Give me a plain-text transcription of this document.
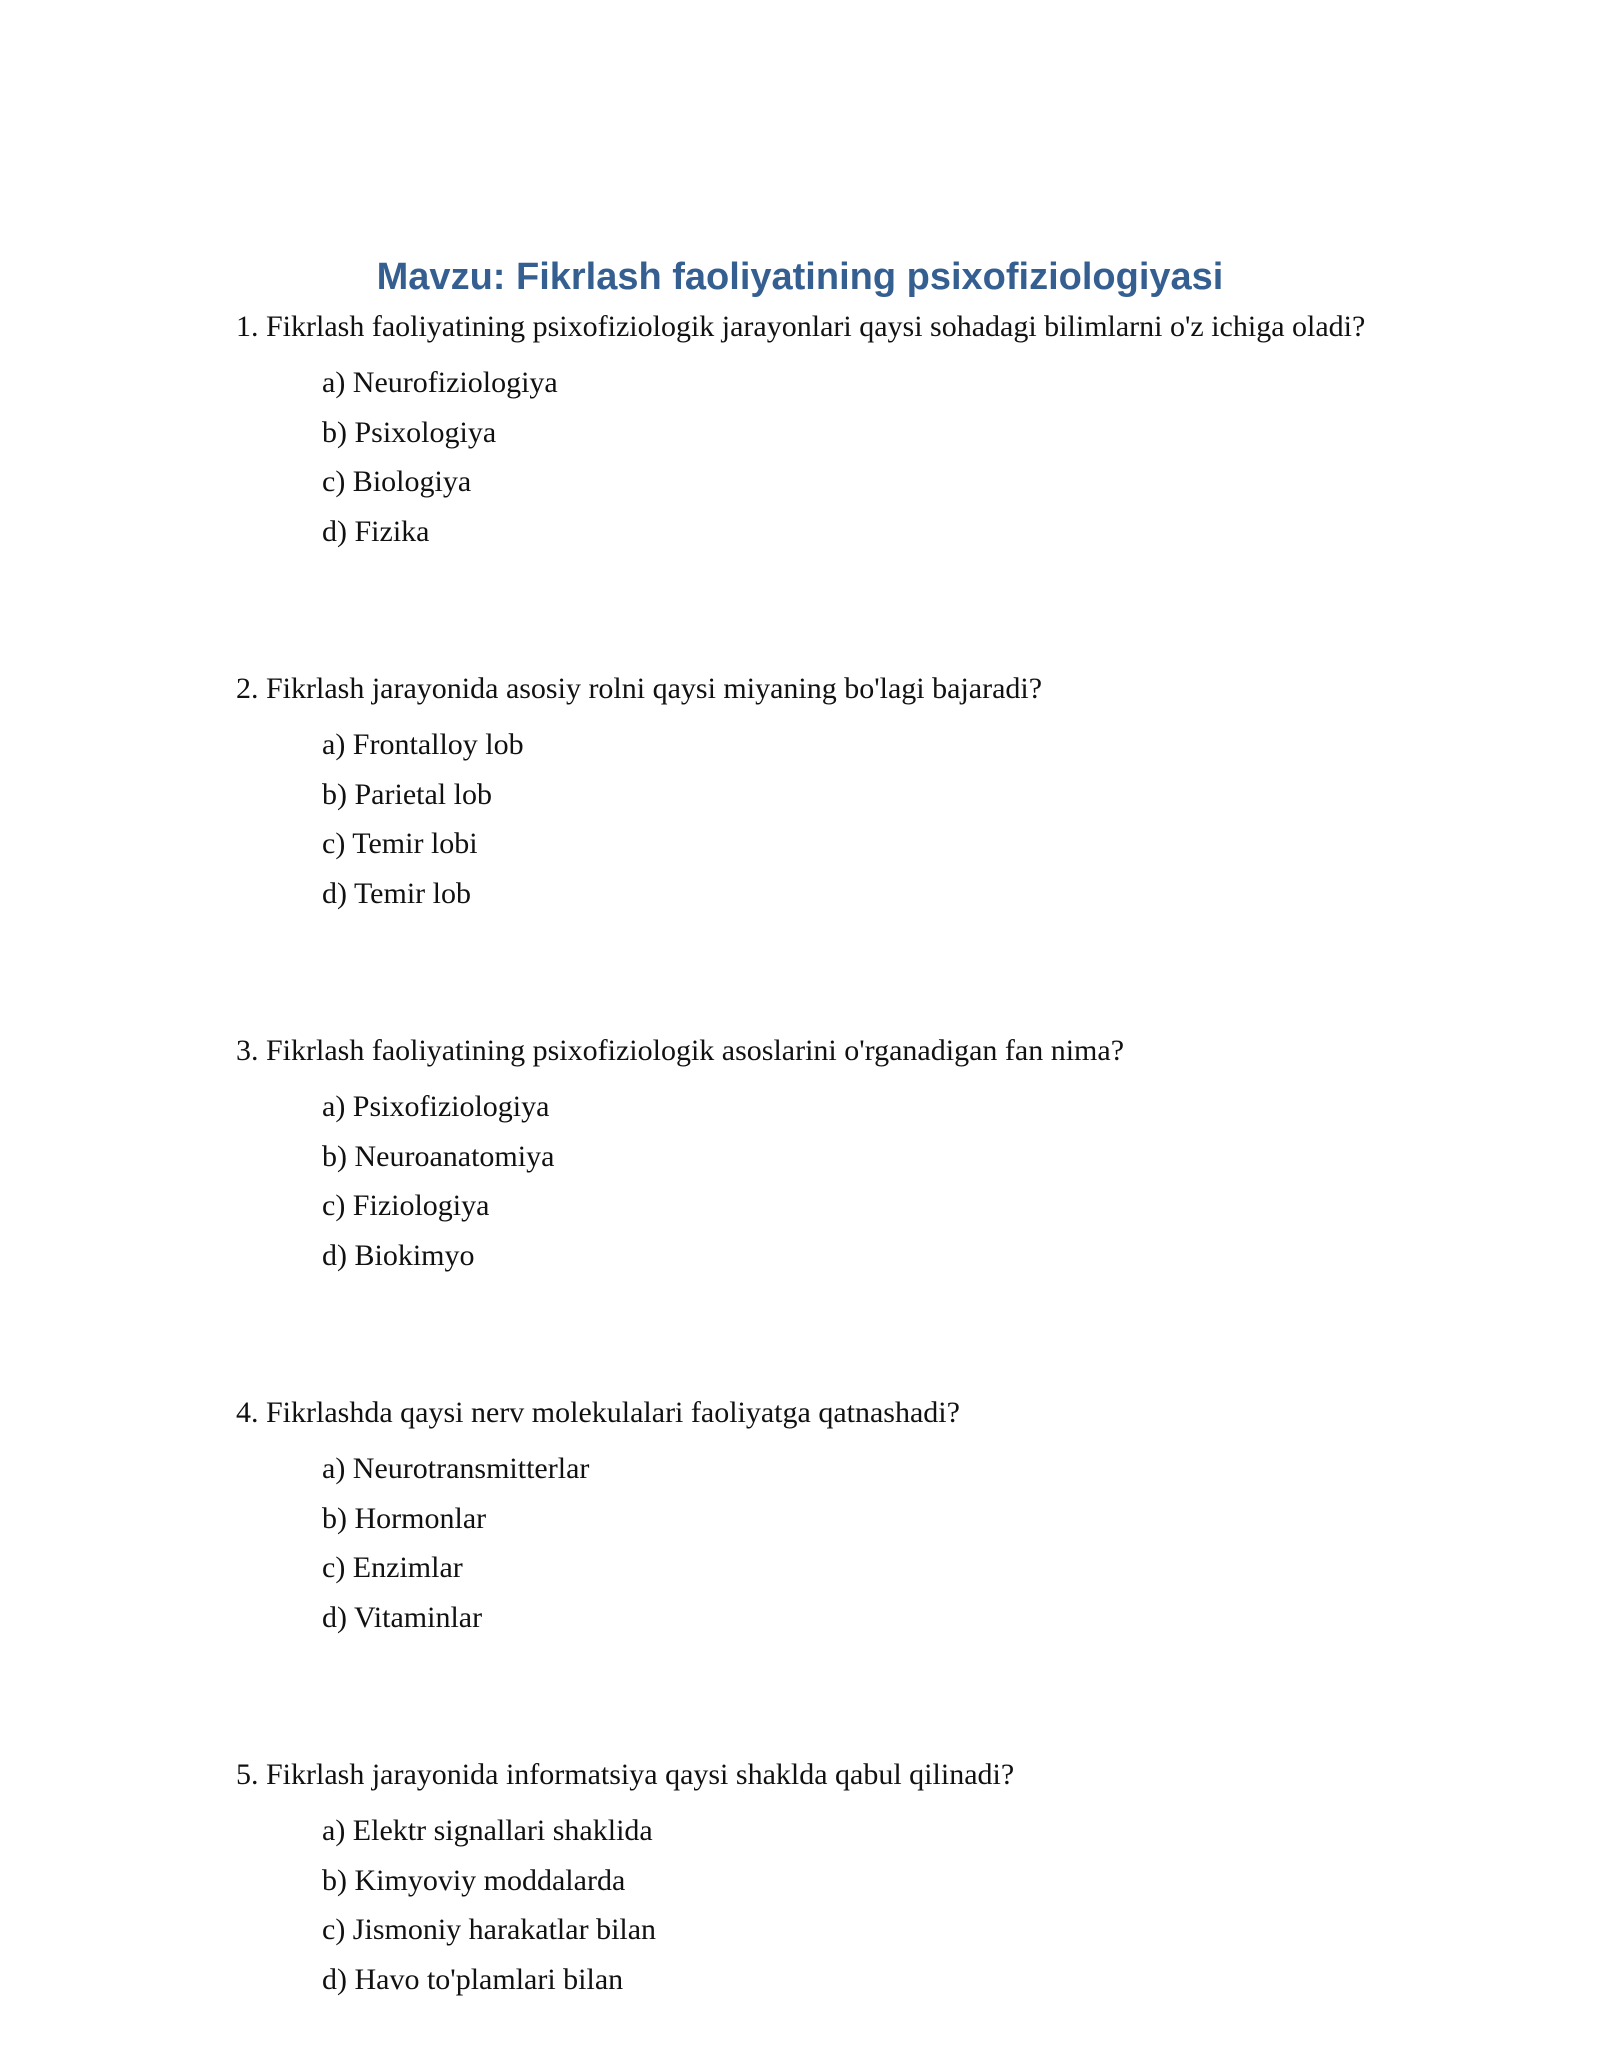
Mavzu: Fikrlash faoliyatining psixofiziologiyasi

1. Fikrlash faoliyatining psixofiziologik jarayonlari qaysi sohadagi bilimlarni o'z ichiga oladi?

a) Neurofiziologiya
b) Psixologiya
c) Biologiya
d) Fizika

2. Fikrlash jarayonida asosiy rolni qaysi miyaning bo'lagi bajaradi?

a) Frontalloy lob
b) Parietal lob
c) Temir lobi
d) Temir lob

3. Fikrlash faoliyatining psixofiziologik asoslarini o'rganadigan fan nima?

a) Psixofiziologiya
b) Neuroanatomiya
c) Fiziologiya
d) Biokimyo

4. Fikrlashda qaysi nerv molekulalari faoliyatga qatnashadi?

a) Neurotransmitterlar
b) Hormonlar
c) Enzimlar
d) Vitaminlar

5. Fikrlash jarayonida informatsiya qaysi shaklda qabul qilinadi?

a) Elektr signallari shaklida
b) Kimyoviy moddalarda
c) Jismoniy harakatlar bilan
d) Havo to'plamlari bilan
